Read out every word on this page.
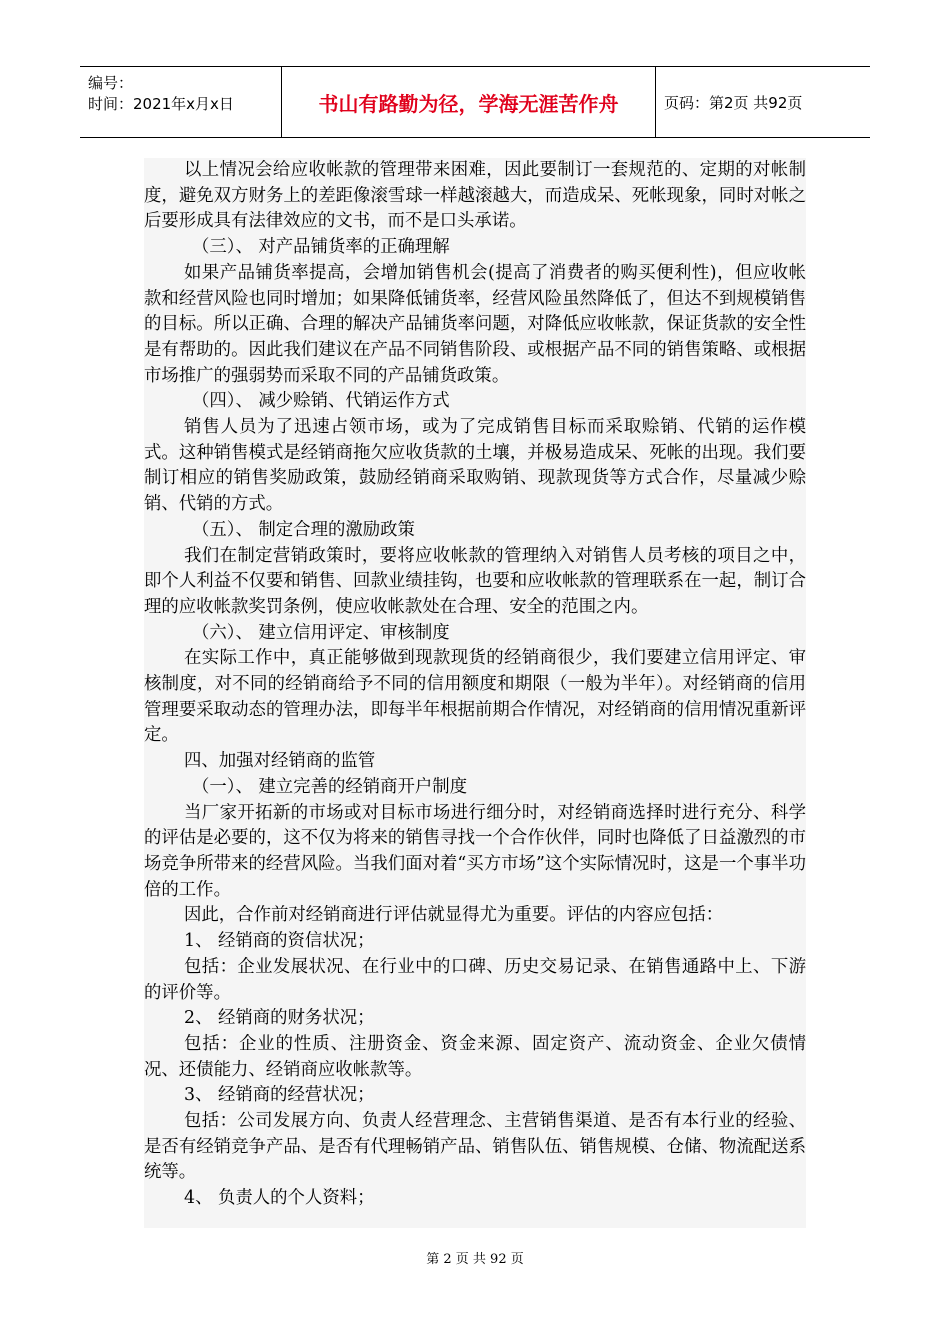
编号：
时间：2021年x月x日	书山有路勤为径，学海无涯苦作舟	页码：第2页 共92页

以上情况会给应收帐款的管理带来困难，因此要制订一套规范的、定期的对帐制度，避免双方财务上的差距像滚雪球一样越滚越大，而造成呆、死帐现象，同时对帐之后要形成具有法律效应的文书，而不是口头承诺。

（三）、 对产品铺货率的正确理解

如果产品铺货率提高，会增加销售机会(提高了消费者的购买便利性)，但应收帐款和经营风险也同时增加；如果降低铺货率，经营风险虽然降低了，但达不到规模销售的目标。所以正确、合理的解决产品铺货率问题，对降低应收帐款，保证货款的安全性是有帮助的。因此我们建议在产品不同销售阶段、或根据产品不同的销售策略、或根据市场推广的强弱势而采取不同的产品铺货政策。

（四）、 减少赊销、代销运作方式

销售人员为了迅速占领市场，或为了完成销售目标而采取赊销、代销的运作模式。这种销售模式是经销商拖欠应收货款的土壤，并极易造成呆、死帐的出现。我们要制订相应的销售奖励政策，鼓励经销商采取购销、现款现货等方式合作，尽量减少赊销、代销的方式。

（五）、 制定合理的激励政策

我们在制定营销政策时，要将应收帐款的管理纳入对销售人员考核的项目之中，即个人利益不仅要和销售、回款业绩挂钩，也要和应收帐款的管理联系在一起，制订合理的应收帐款奖罚条例，使应收帐款处在合理、安全的范围之内。

（六）、 建立信用评定、审核制度

在实际工作中，真正能够做到现款现货的经销商很少，我们要建立信用评定、审核制度，对不同的经销商给予不同的信用额度和期限（一般为半年）。对经销商的信用管理要采取动态的管理办法，即每半年根据前期合作情况，对经销商的信用情况重新评定。

四、加强对经销商的监管

（一）、 建立完善的经销商开户制度

当厂家开拓新的市场或对目标市场进行细分时，对经销商选择时进行充分、科学的评估是必要的，这不仅为将来的销售寻找一个合作伙伴，同时也降低了日益激烈的市场竞争所带来的经营风险。当我们面对着“买方市场”这个实际情况时，这是一个事半功倍的工作。

因此，合作前对经销商进行评估就显得尤为重要。评估的内容应包括：

1、 经销商的资信状况；

包括：企业发展状况、在行业中的口碑、历史交易记录、在销售通路中上、下游的评价等。

2、 经销商的财务状况；

包括：企业的性质、注册资金、资金来源、固定资产、流动资金、企业欠债情况、还债能力、经销商应收帐款等。

3、 经销商的经营状况；

包括：公司发展方向、负责人经营理念、主营销售渠道、是否有本行业的经验、是否有经销竞争产品、是否有代理畅销产品、销售队伍、销售规模、仓储、物流配送系统等。

4、 负责人的个人资料；

第 2 页 共 92 页
